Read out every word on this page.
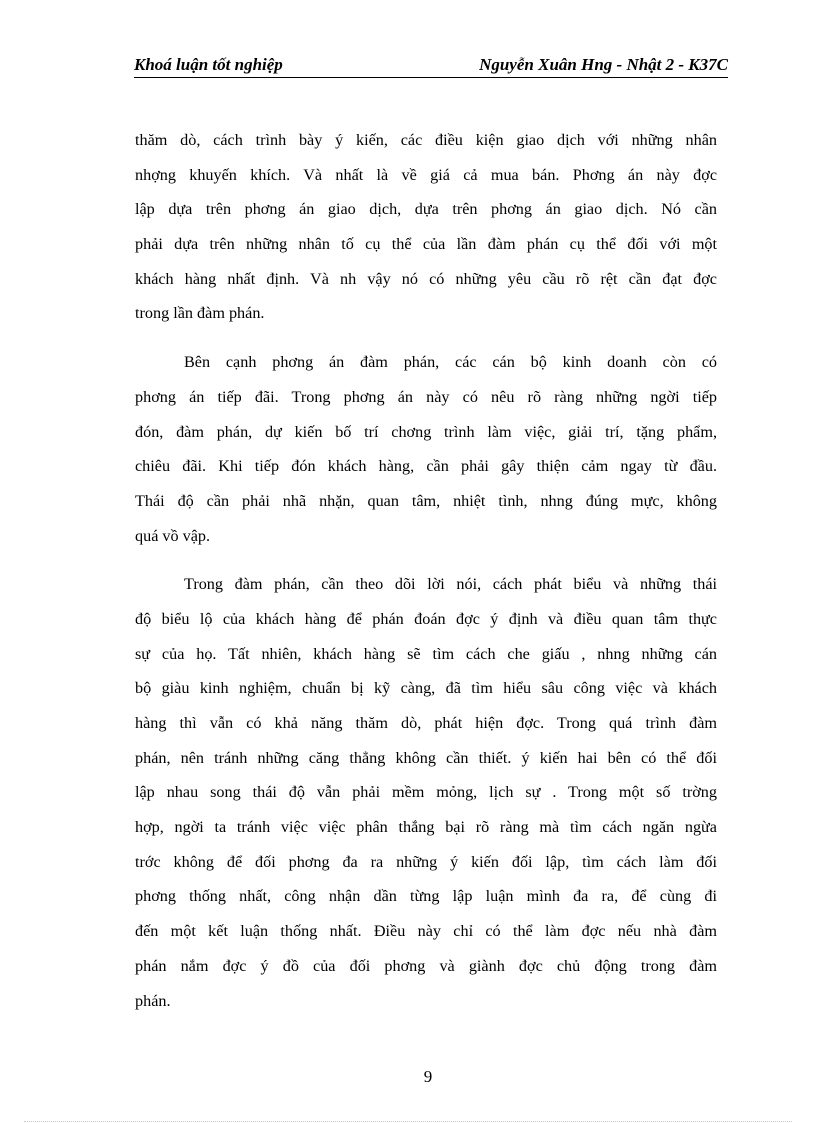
Khoá luận tốt nghiệp	Nguyễn Xuân Hng - Nhật 2 - K37C
thăm dò, cách trình bày ý kiến, các điều kiện giao dịch với những nhân
nhợng khuyến khích. Và nhất là về giá cả mua bán. Phơng án này đợc
lập dựa trên phơng án giao dịch, dựa trên phơng án giao dịch. Nó cần
phải dựa trên những nhân tố cụ thể của lần đàm phán cụ thể đối với một
khách hàng nhất định. Và nh vậy nó có những yêu cầu rõ rệt cần đạt đợc
trong lần đàm phán.
Bên cạnh phơng án đàm phán, các cán bộ kinh doanh còn có
phơng án tiếp đãi. Trong phơng án này có nêu rõ ràng những ngời tiếp
đón, đàm phán, dự kiến bố trí chơng trình làm việc, giải trí, tặng phẩm,
chiêu đãi. Khi tiếp đón khách hàng, cần phải gây thiện cảm ngay từ đầu.
Thái độ cần phải nhã nhặn, quan tâm, nhiệt tình, nhng đúng mực, không
quá vồ vập.
Trong đàm phán, cần theo dõi lời nói, cách phát biểu và những thái
độ biểu lộ của khách hàng để phán đoán đợc ý định và điều quan tâm thực
sự của họ. Tất nhiên, khách hàng sẽ tìm cách che giấu , nhng những cán
bộ giàu kinh nghiệm, chuẩn bị kỹ càng, đã tìm hiểu sâu công việc và khách
hàng thì vẫn có khả năng thăm dò, phát hiện đợc. Trong quá trình đàm
phán, nên tránh những căng thẳng không cần thiết. ý kiến hai bên có thể đối
lập nhau song thái độ vẫn phải mềm mỏng, lịch sự . Trong một số trờng
hợp, ngời ta tránh việc việc phân thắng bại rõ ràng mà tìm cách ngăn ngừa
trớc không để đối phơng đa ra những ý kiến đối lập, tìm cách làm đối
phơng thống nhất, công nhận dần từng lập luận mình đa ra, để cùng đi
đến một kết luận thống nhất. Điều này chỉ có thể làm đợc nếu nhà đàm
phán nắm đợc ý đồ của đối phơng và giành đợc chủ động trong đàm
phán.
9
